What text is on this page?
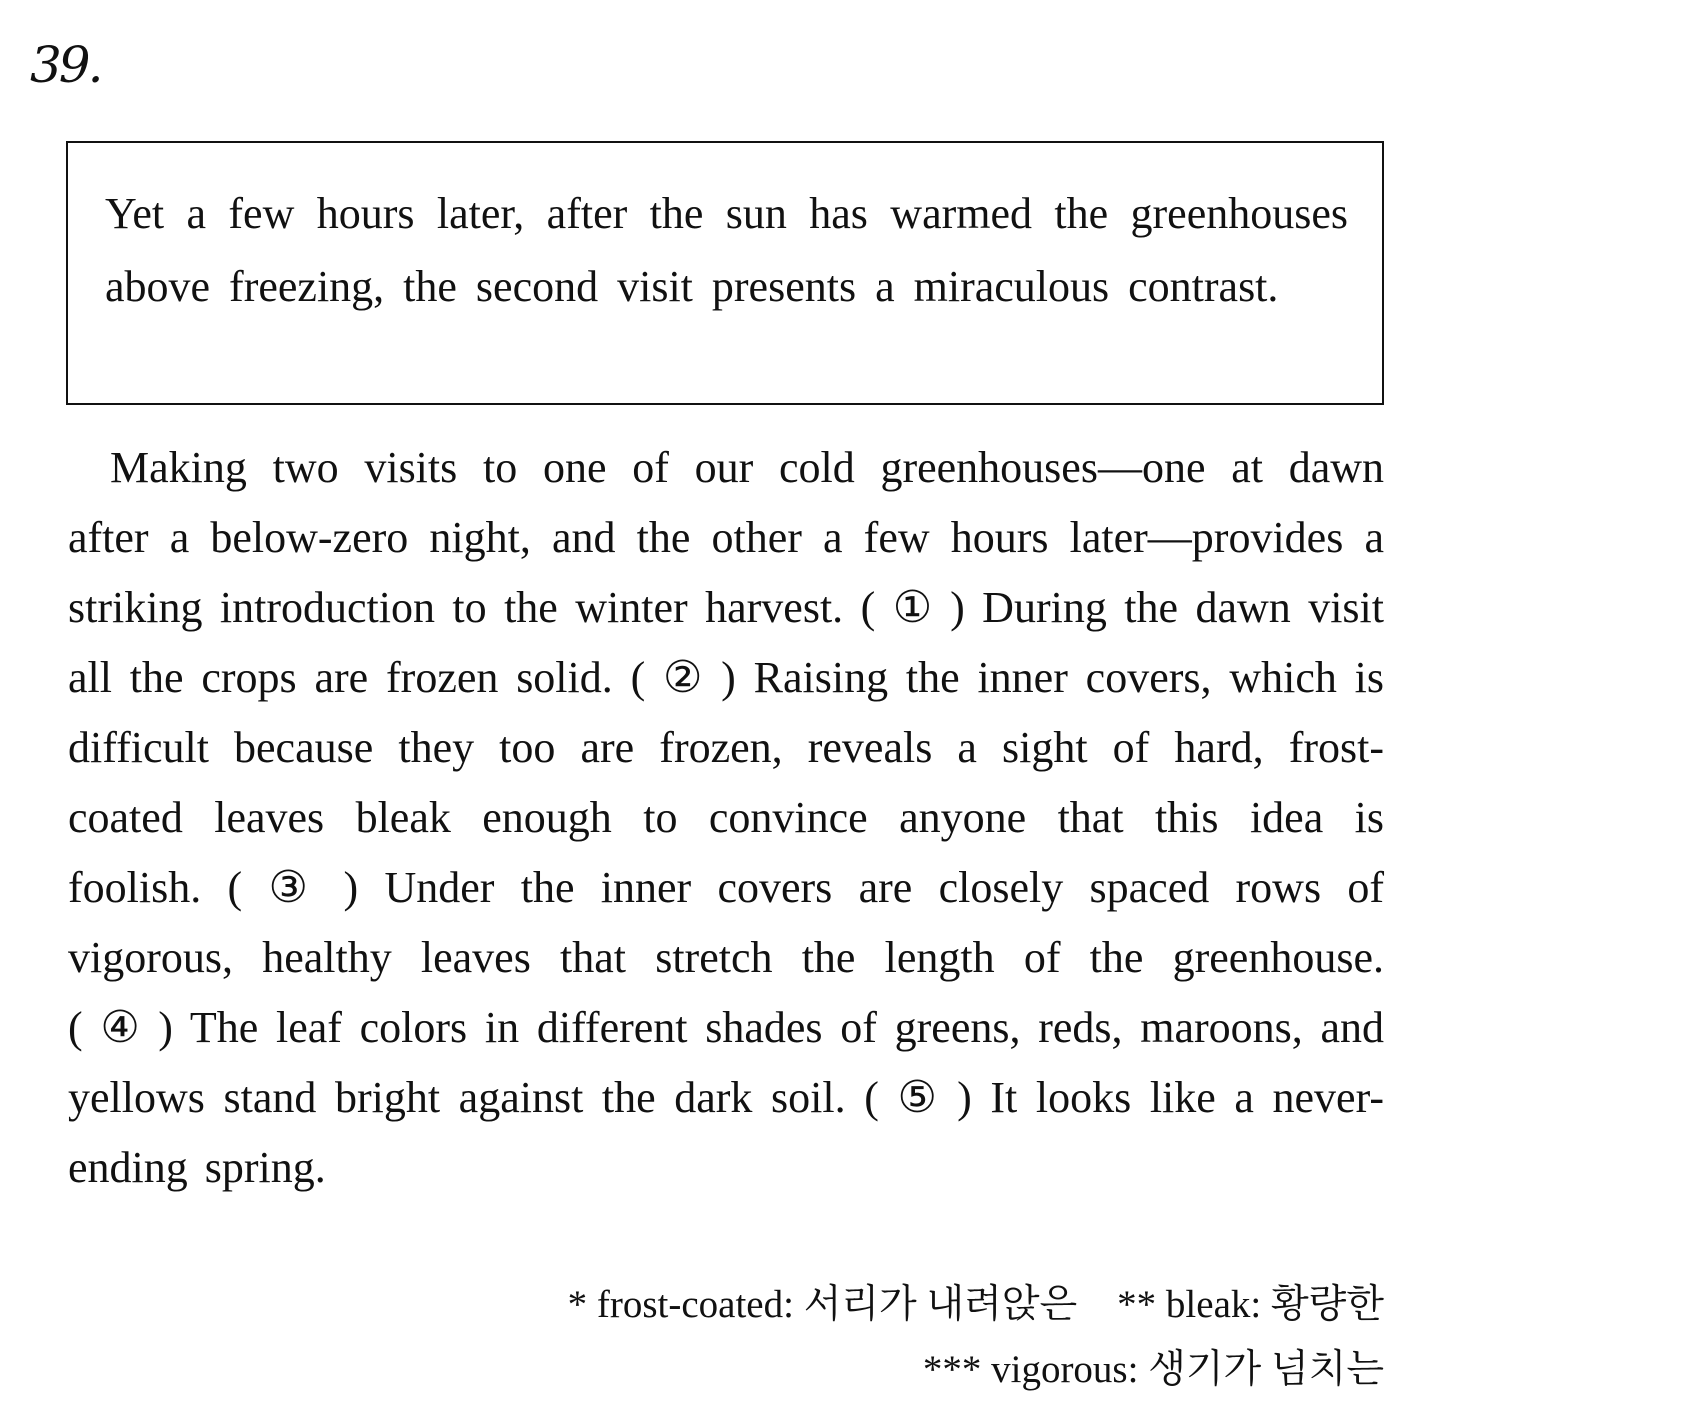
39.

Yet a few hours later, after the sun has warmed the greenhouses above freezing, the second visit presents a miraculous contrast.

Making two visits to one of our cold greenhouses—one at dawn after a below-zero night, and the other a few hours later—provides a striking introduction to the winter harvest. ( ① ) During the dawn visit all the crops are frozen solid. ( ② ) Raising the inner covers, which is difficult because they too are frozen, reveals a sight of hard, frost-coated leaves bleak enough to convince anyone that this idea is foolish. ( ③ ) Under the inner covers are closely spaced rows of vigorous, healthy leaves that stretch the length of the greenhouse. ( ④ ) The leaf colors in different shades of greens, reds, maroons, and yellows stand bright against the dark soil. ( ⑤ ) It looks like a never-ending spring.

* frost-coated: 서리가 내려앉은 ** bleak: 황량한
*** vigorous: 생기가 넘치는
